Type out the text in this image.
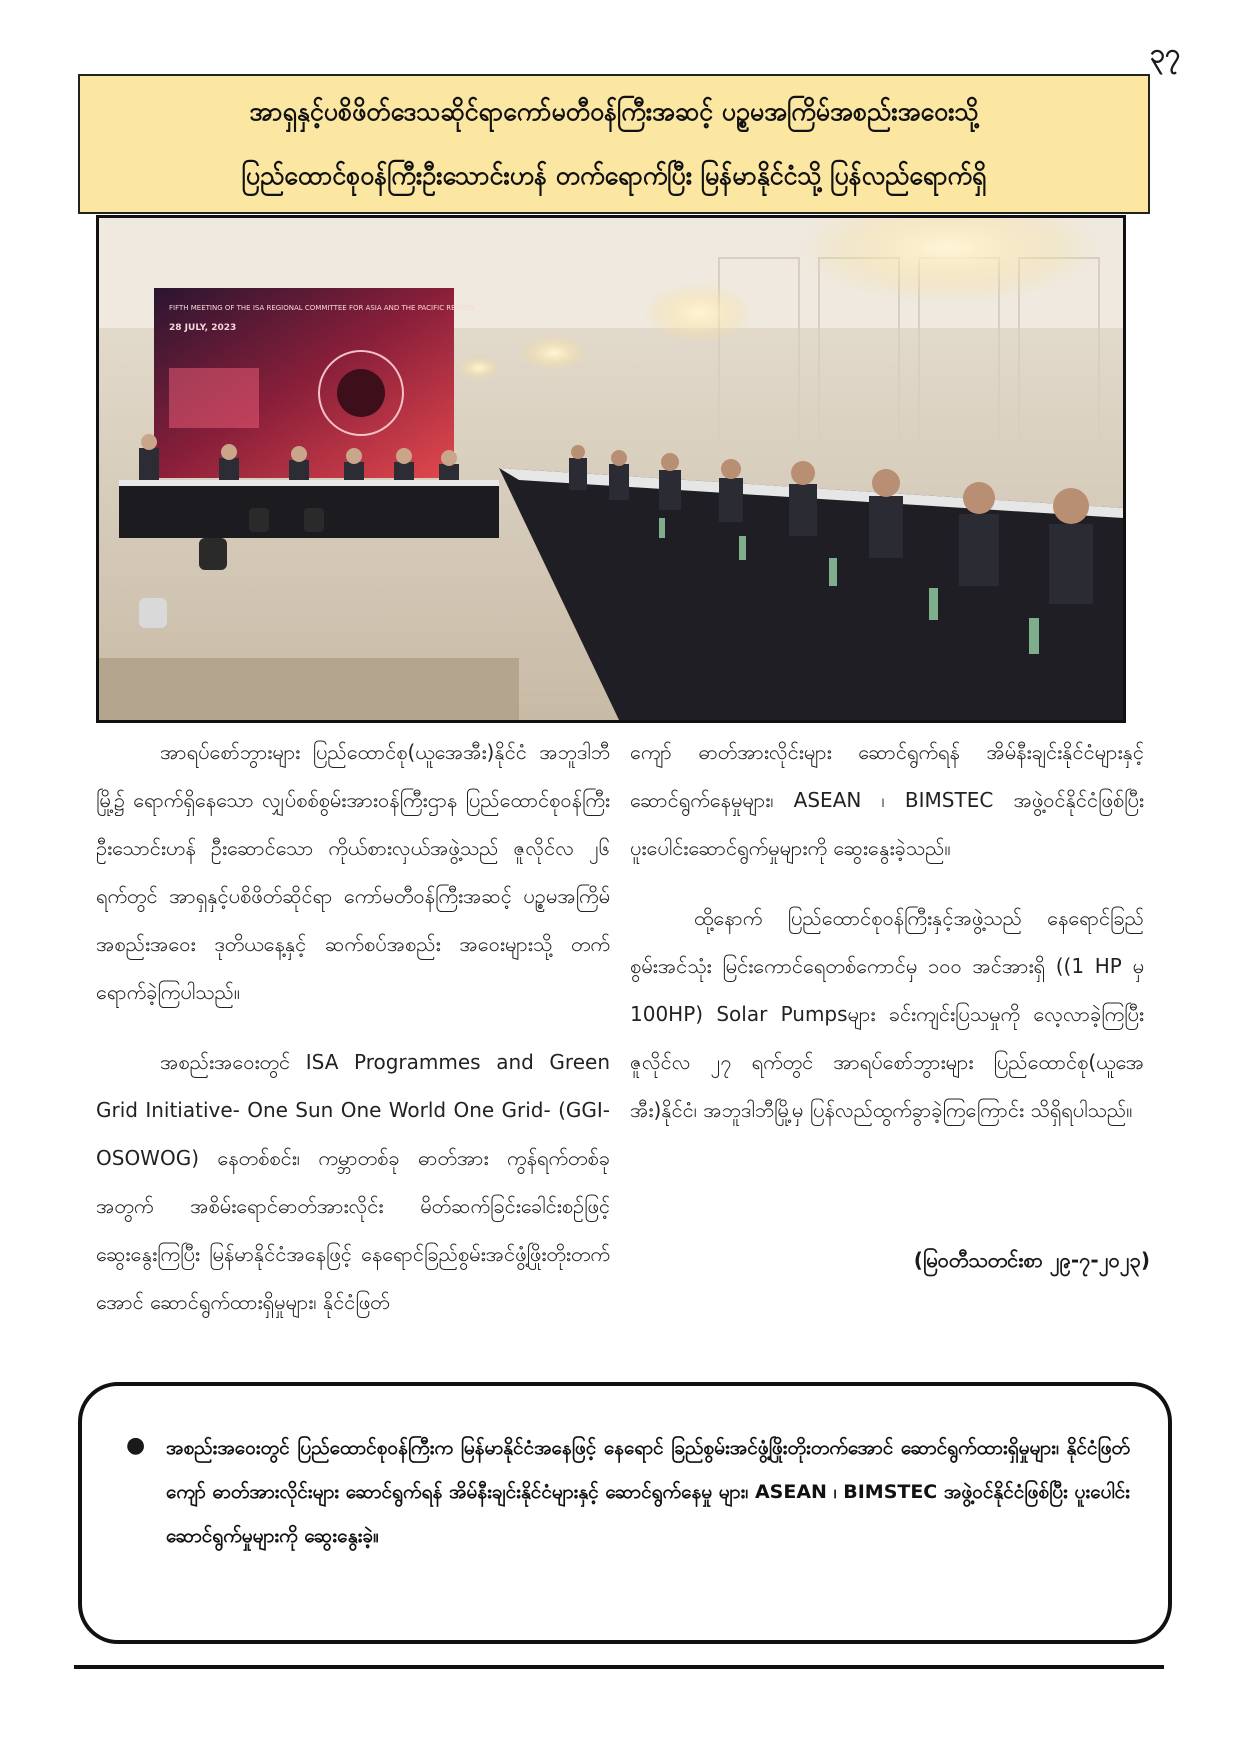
၃၇
အာရှနှင့်ပစိဖိတ်ဒေသဆိုင်ရာကော်မတီဝန်ကြီးအဆင့် ပဥ္စမအကြိမ်အစည်းအဝေးသို့
ပြည်ထောင်စုဝန်ကြီးဦးသောင်းဟန် တက်ရောက်ပြီး မြန်မာနိုင်ငံသို့ ပြန်လည်ရောက်ရှိ
FIFTH MEETING OF THE ISA REGIONAL COMMITTEE FOR ASIA AND THE PACIFIC REGION
28 JULY, 2023

အာရပ်စော်ဘွားများ ပြည်ထောင်စု(ယူအေအီး)နိုင်ငံ အဘူဒါဘီမြို့၌ ရောက်ရှိနေသော လျှပ်စစ်စွမ်းအားဝန်ကြီးဌာန ပြည်ထောင်စုဝန်ကြီး ဦးသောင်းဟန် ဦးဆောင်သော ကိုယ်စားလှယ်အဖွဲ့သည် ဇူလိုင်လ ၂၆ ရက်တွင် အာရှနှင့်ပစိဖိတ်ဆိုင်ရာ ကော်မတီဝန်ကြီးအဆင့် ပဥ္စမအကြိမ်အစည်းအဝေး ဒုတိယနေ့နှင့် ဆက်စပ်အစည်း အဝေးများသို့ တက်ရောက်ခဲ့ကြပါသည်။

အစည်းအဝေးတွင် ISA Programmes and Green Grid Initiative- One Sun One World One Grid- (GGI-OSOWOG) နေတစ်စင်း၊ ကမ္ဘာတစ်ခု ဓာတ်အား ကွန်ရက်တစ်ခု အတွက် အစိမ်းရောင်ဓာတ်အားလိုင်း မိတ်ဆက်ခြင်းခေါင်းစဉ်ဖြင့် ဆွေးနွေးကြပြီး မြန်မာနိုင်ငံအနေဖြင့် နေရောင်ခြည်စွမ်းအင်ဖွံ့ဖြိုးတိုးတက်အောင် ဆောင်ရွက်ထားရှိမှုများ၊ နိုင်ငံဖြတ်

ကျော် ဓာတ်အားလိုင်းများ ဆောင်ရွက်ရန် အိမ်နီးချင်းနိုင်ငံများနှင့် ဆောင်ရွက်နေမှုများ၊ ASEAN ၊ BIMSTEC အဖွဲ့ဝင်နိုင်ငံဖြစ်ပြီး ပူးပေါင်းဆောင်ရွက်မှုများကို ဆွေးနွေးခဲ့သည်။

ထို့နောက် ပြည်ထောင်စုဝန်ကြီးနှင့်အဖွဲ့သည် နေရောင်ခြည်စွမ်းအင်သုံး မြင်းကောင်ရေတစ်ကောင်မှ ၁၀၀ အင်အားရှိ ((1 HP မှ 100HP) Solar Pumpsများ ခင်းကျင်းပြသမှုကို လေ့လာခဲ့ကြပြီး ဇူလိုင်လ ၂၇ ရက်တွင် အာရပ်စော်ဘွားများ ပြည်ထောင်စု(ယူအေအီး)နိုင်ငံ၊ အဘူဒါဘီမြို့မှ ပြန်လည်ထွက်ခွာခဲ့ကြကြောင်း သိရှိရပါသည်။

(မြဝတီသတင်းစာ ၂၉-၇-၂၀၂၃)
●	အစည်းအဝေးတွင် ပြည်ထောင်စုဝန်ကြီးက မြန်မာနိုင်ငံအနေဖြင့် နေရောင် ခြည်စွမ်းအင်ဖွံ့ဖြိုးတိုးတက်အောင် ဆောင်ရွက်ထားရှိမှုများ၊ နိုင်ငံဖြတ်ကျော် ဓာတ်အားလိုင်းများ ဆောင်ရွက်ရန် အိမ်နီးချင်းနိုင်ငံများနှင့် ဆောင်ရွက်နေမှု များ၊ ASEAN ၊ BIMSTEC အဖွဲ့ဝင်နိုင်ငံဖြစ်ပြီး ပူးပေါင်းဆောင်ရွက်မှုများကို ဆွေးနွေးခဲ့။
